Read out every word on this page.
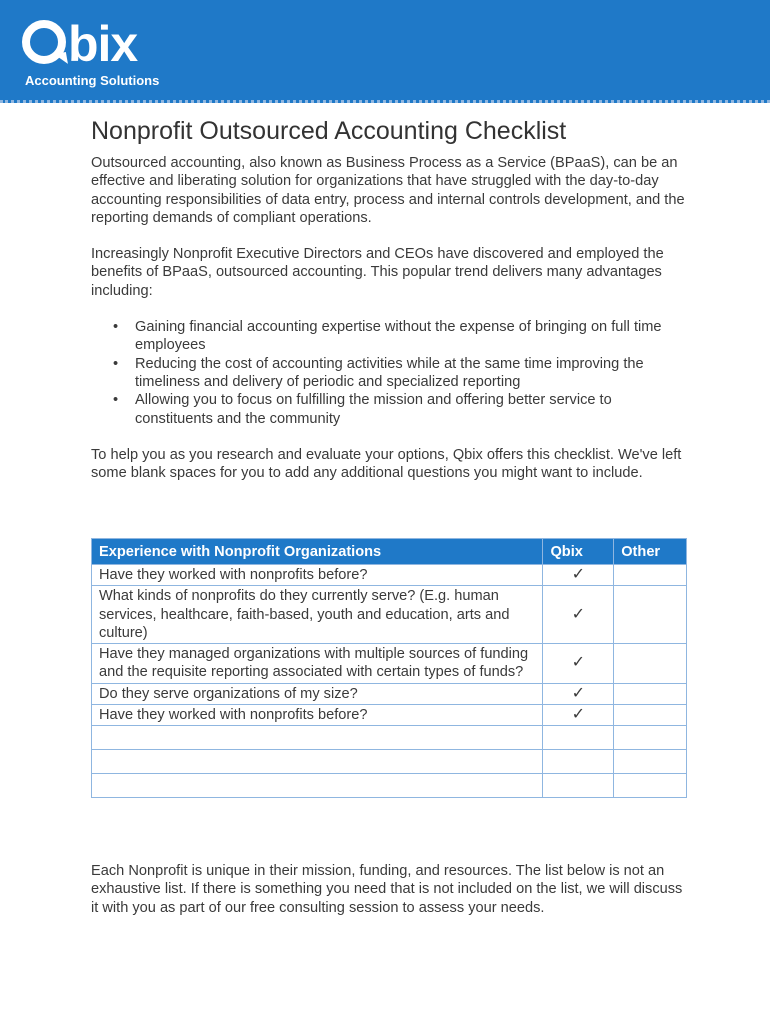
bix
Accounting Solutions
Nonprofit Outsourced Accounting Checklist

Outsourced accounting, also known as Business Process as a Service (BPaaS), can be an effective and liberating solution for organizations that have struggled with the day-to-day accounting responsibilities of data entry, process and internal controls development, and the reporting demands of compliant operations.

Increasingly Nonprofit Executive Directors and CEOs have discovered and employed the benefits of BPaaS, outsourced accounting. This popular trend delivers many advantages including:

• Gaining financial accounting expertise without the expense of bringing on full time employees
• Reducing the cost of accounting activities while at the same time improving the timeliness and delivery of periodic and specialized reporting
• Allowing you to focus on fulfilling the mission and offering better service to constituents and the community

To help you as you research and evaluate your options, Qbix offers this checklist. We've left some blank spaces for you to add any additional questions you might want to include.

Experience with Nonprofit Organizations	Qbix	Other
Have they worked with nonprofits before?	✓	
What kinds of nonprofits do they currently serve? (E.g. human services, healthcare, faith-based, youth and education, arts and culture)	✓	
Have they managed organizations with multiple sources of funding and the requisite reporting associated with certain types of funds?	✓	
Do they serve organizations of my size?	✓	
Have they worked with nonprofits before?	✓	

Each Nonprofit is unique in their mission, funding, and resources. The list below is not an exhaustive list. If there is something you need that is not included on the list, we will discuss it with you as part of our free consulting session to assess your needs.
